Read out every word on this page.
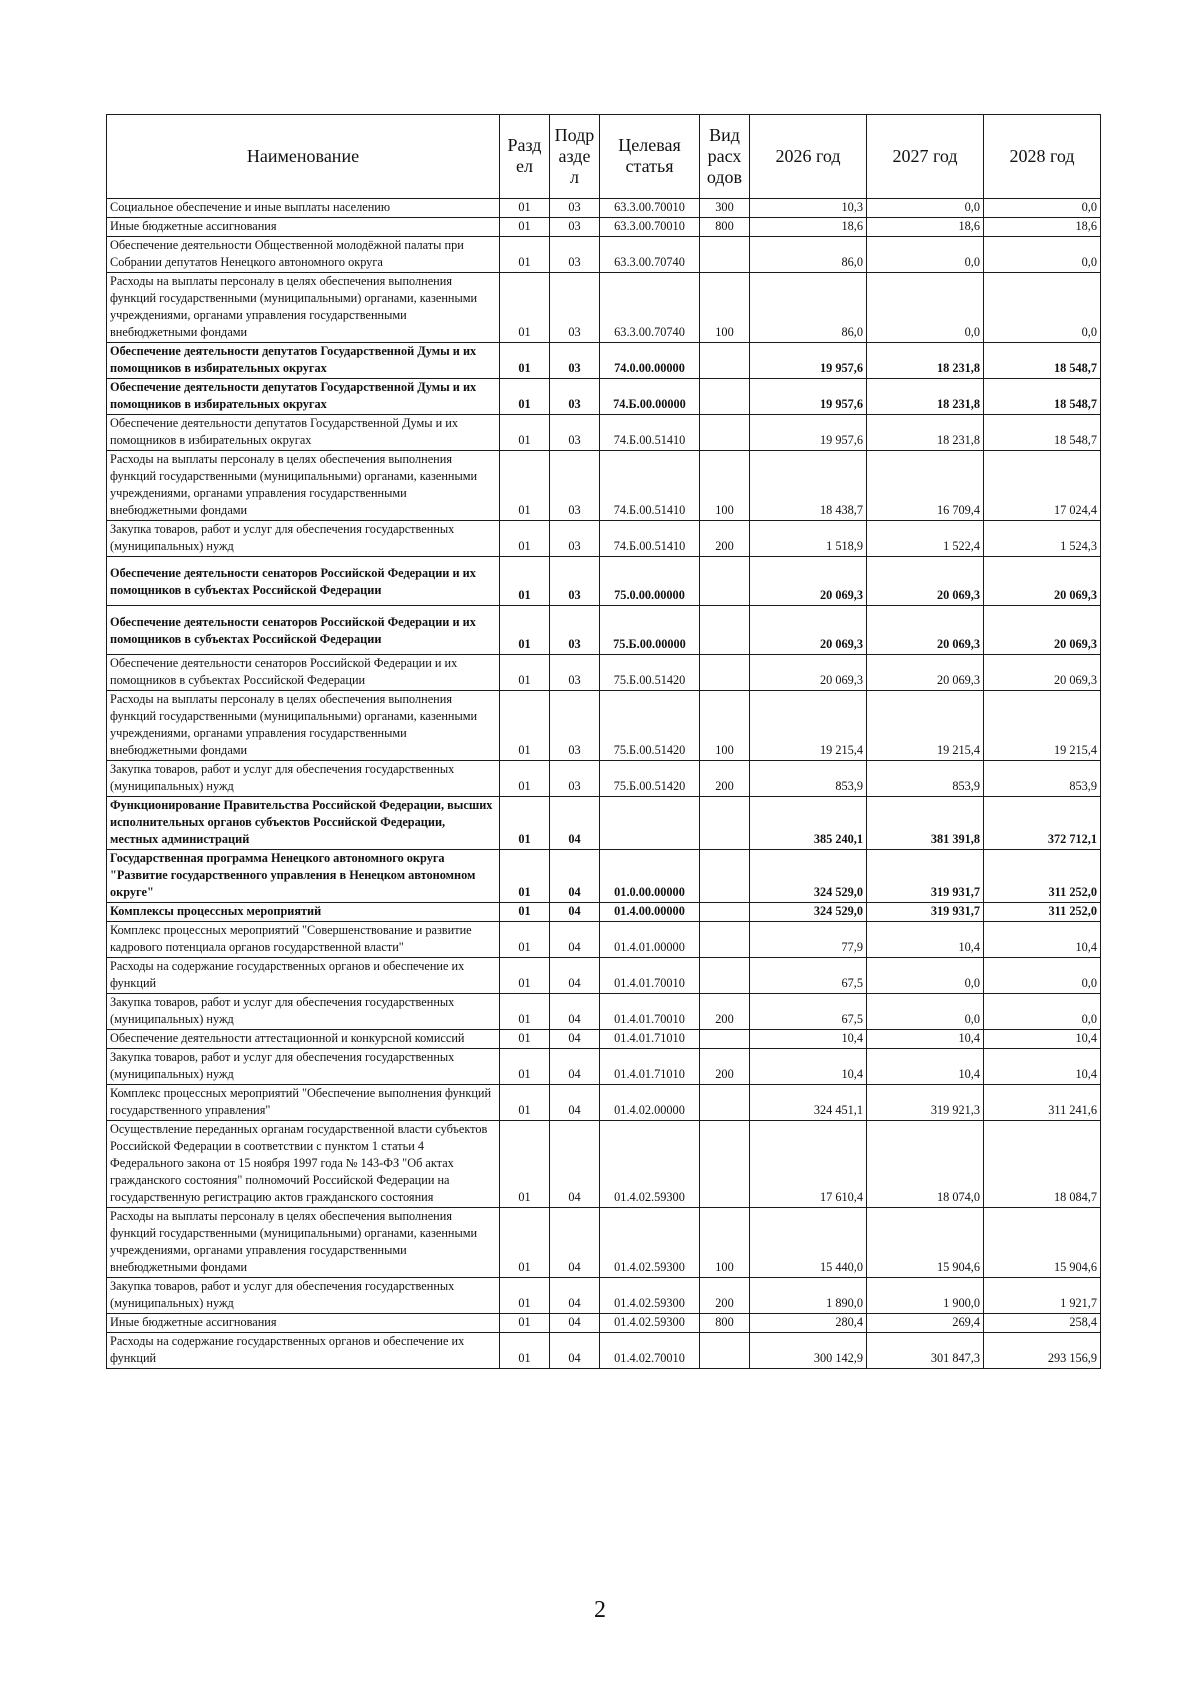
Наименование	Разд ел	Подр азде л	Целевая статья	Вид расх одов	2026 год	2027 год	2028 год
Социальное обеспечение и иные выплаты населению	01	03	63.3.00.70010	300	10,3	0,0	0,0
Иные бюджетные ассигнования	01	03	63.3.00.70010	800	18,6	18,6	18,6
Обеспечение деятельности Общественной молодёжной палаты при Собрании депутатов Ненецкого автономного округа	01	03	63.3.00.70740		86,0	0,0	0,0
Расходы на выплаты персоналу в целях обеспечения выполнения функций государственными (муниципальными) органами, казенными учреждениями, органами управления государственными внебюджетными фондами	01	03	63.3.00.70740	100	86,0	0,0	0,0
Обеспечение деятельности депутатов Государственной Думы и их помощников в избирательных округах	01	03	74.0.00.00000		19 957,6	18 231,8	18 548,7
Обеспечение деятельности депутатов Государственной Думы и их помощников в избирательных округах	01	03	74.Б.00.00000		19 957,6	18 231,8	18 548,7
Обеспечение деятельности депутатов Государственной Думы и их помощников в избирательных округах	01	03	74.Б.00.51410		19 957,6	18 231,8	18 548,7
Расходы на выплаты персоналу в целях обеспечения выполнения функций государственными (муниципальными) органами, казенными учреждениями, органами управления государственными внебюджетными фондами	01	03	74.Б.00.51410	100	18 438,7	16 709,4	17 024,4
Закупка товаров, работ и услуг для обеспечения государственных (муниципальных) нужд	01	03	74.Б.00.51410	200	1 518,9	1 522,4	1 524,3
Обеспечение деятельности сенаторов Российской Федерации и их помощников в субъектах Российской Федерации	01	03	75.0.00.00000		20 069,3	20 069,3	20 069,3
Обеспечение деятельности сенаторов Российской Федерации и их помощников в субъектах Российской Федерации	01	03	75.Б.00.00000		20 069,3	20 069,3	20 069,3
Обеспечение деятельности сенаторов Российской Федерации и их помощников в субъектах Российской Федерации	01	03	75.Б.00.51420		20 069,3	20 069,3	20 069,3
Расходы на выплаты персоналу в целях обеспечения выполнения функций государственными (муниципальными) органами, казенными учреждениями, органами управления государственными внебюджетными фондами	01	03	75.Б.00.51420	100	19 215,4	19 215,4	19 215,4
Закупка товаров, работ и услуг для обеспечения государственных (муниципальных) нужд	01	03	75.Б.00.51420	200	853,9	853,9	853,9
Функционирование Правительства Российской Федерации, высших исполнительных органов субъектов Российской Федерации, местных администраций	01	04			385 240,1	381 391,8	372 712,1
Государственная программа Ненецкого автономного округа "Развитие государственного управления в Ненецком автономном округе"	01	04	01.0.00.00000		324 529,0	319 931,7	311 252,0
Комплексы процессных мероприятий	01	04	01.4.00.00000		324 529,0	319 931,7	311 252,0
Комплекс процессных мероприятий "Совершенствование и развитие кадрового потенциала органов государственной власти"	01	04	01.4.01.00000		77,9	10,4	10,4
Расходы на содержание государственных органов и обеспечение их функций	01	04	01.4.01.70010		67,5	0,0	0,0
Закупка товаров, работ и услуг для обеспечения государственных (муниципальных) нужд	01	04	01.4.01.70010	200	67,5	0,0	0,0
Обеспечение деятельности аттестационной и конкурсной комиссий	01	04	01.4.01.71010		10,4	10,4	10,4
Закупка товаров, работ и услуг для обеспечения государственных (муниципальных) нужд	01	04	01.4.01.71010	200	10,4	10,4	10,4
Комплекс процессных мероприятий "Обеспечение выполнения функций государственного управления"	01	04	01.4.02.00000		324 451,1	319 921,3	311 241,6
Осуществление переданных органам государственной власти субъектов Российской Федерации в соответствии с пунктом 1 статьи 4 Федерального закона от 15 ноября 1997 года № 143-ФЗ "Об актах гражданского состояния" полномочий Российской Федерации на государственную регистрацию актов гражданского состояния	01	04	01.4.02.59300		17 610,4	18 074,0	18 084,7
Расходы на выплаты персоналу в целях обеспечения выполнения функций государственными (муниципальными) органами, казенными учреждениями, органами управления государственными внебюджетными фондами	01	04	01.4.02.59300	100	15 440,0	15 904,6	15 904,6
Закупка товаров, работ и услуг для обеспечения государственных (муниципальных) нужд	01	04	01.4.02.59300	200	1 890,0	1 900,0	1 921,7
Иные бюджетные ассигнования	01	04	01.4.02.59300	800	280,4	269,4	258,4
Расходы на содержание государственных органов и обеспечение их функций	01	04	01.4.02.70010		300 142,9	301 847,3	293 156,9
2
